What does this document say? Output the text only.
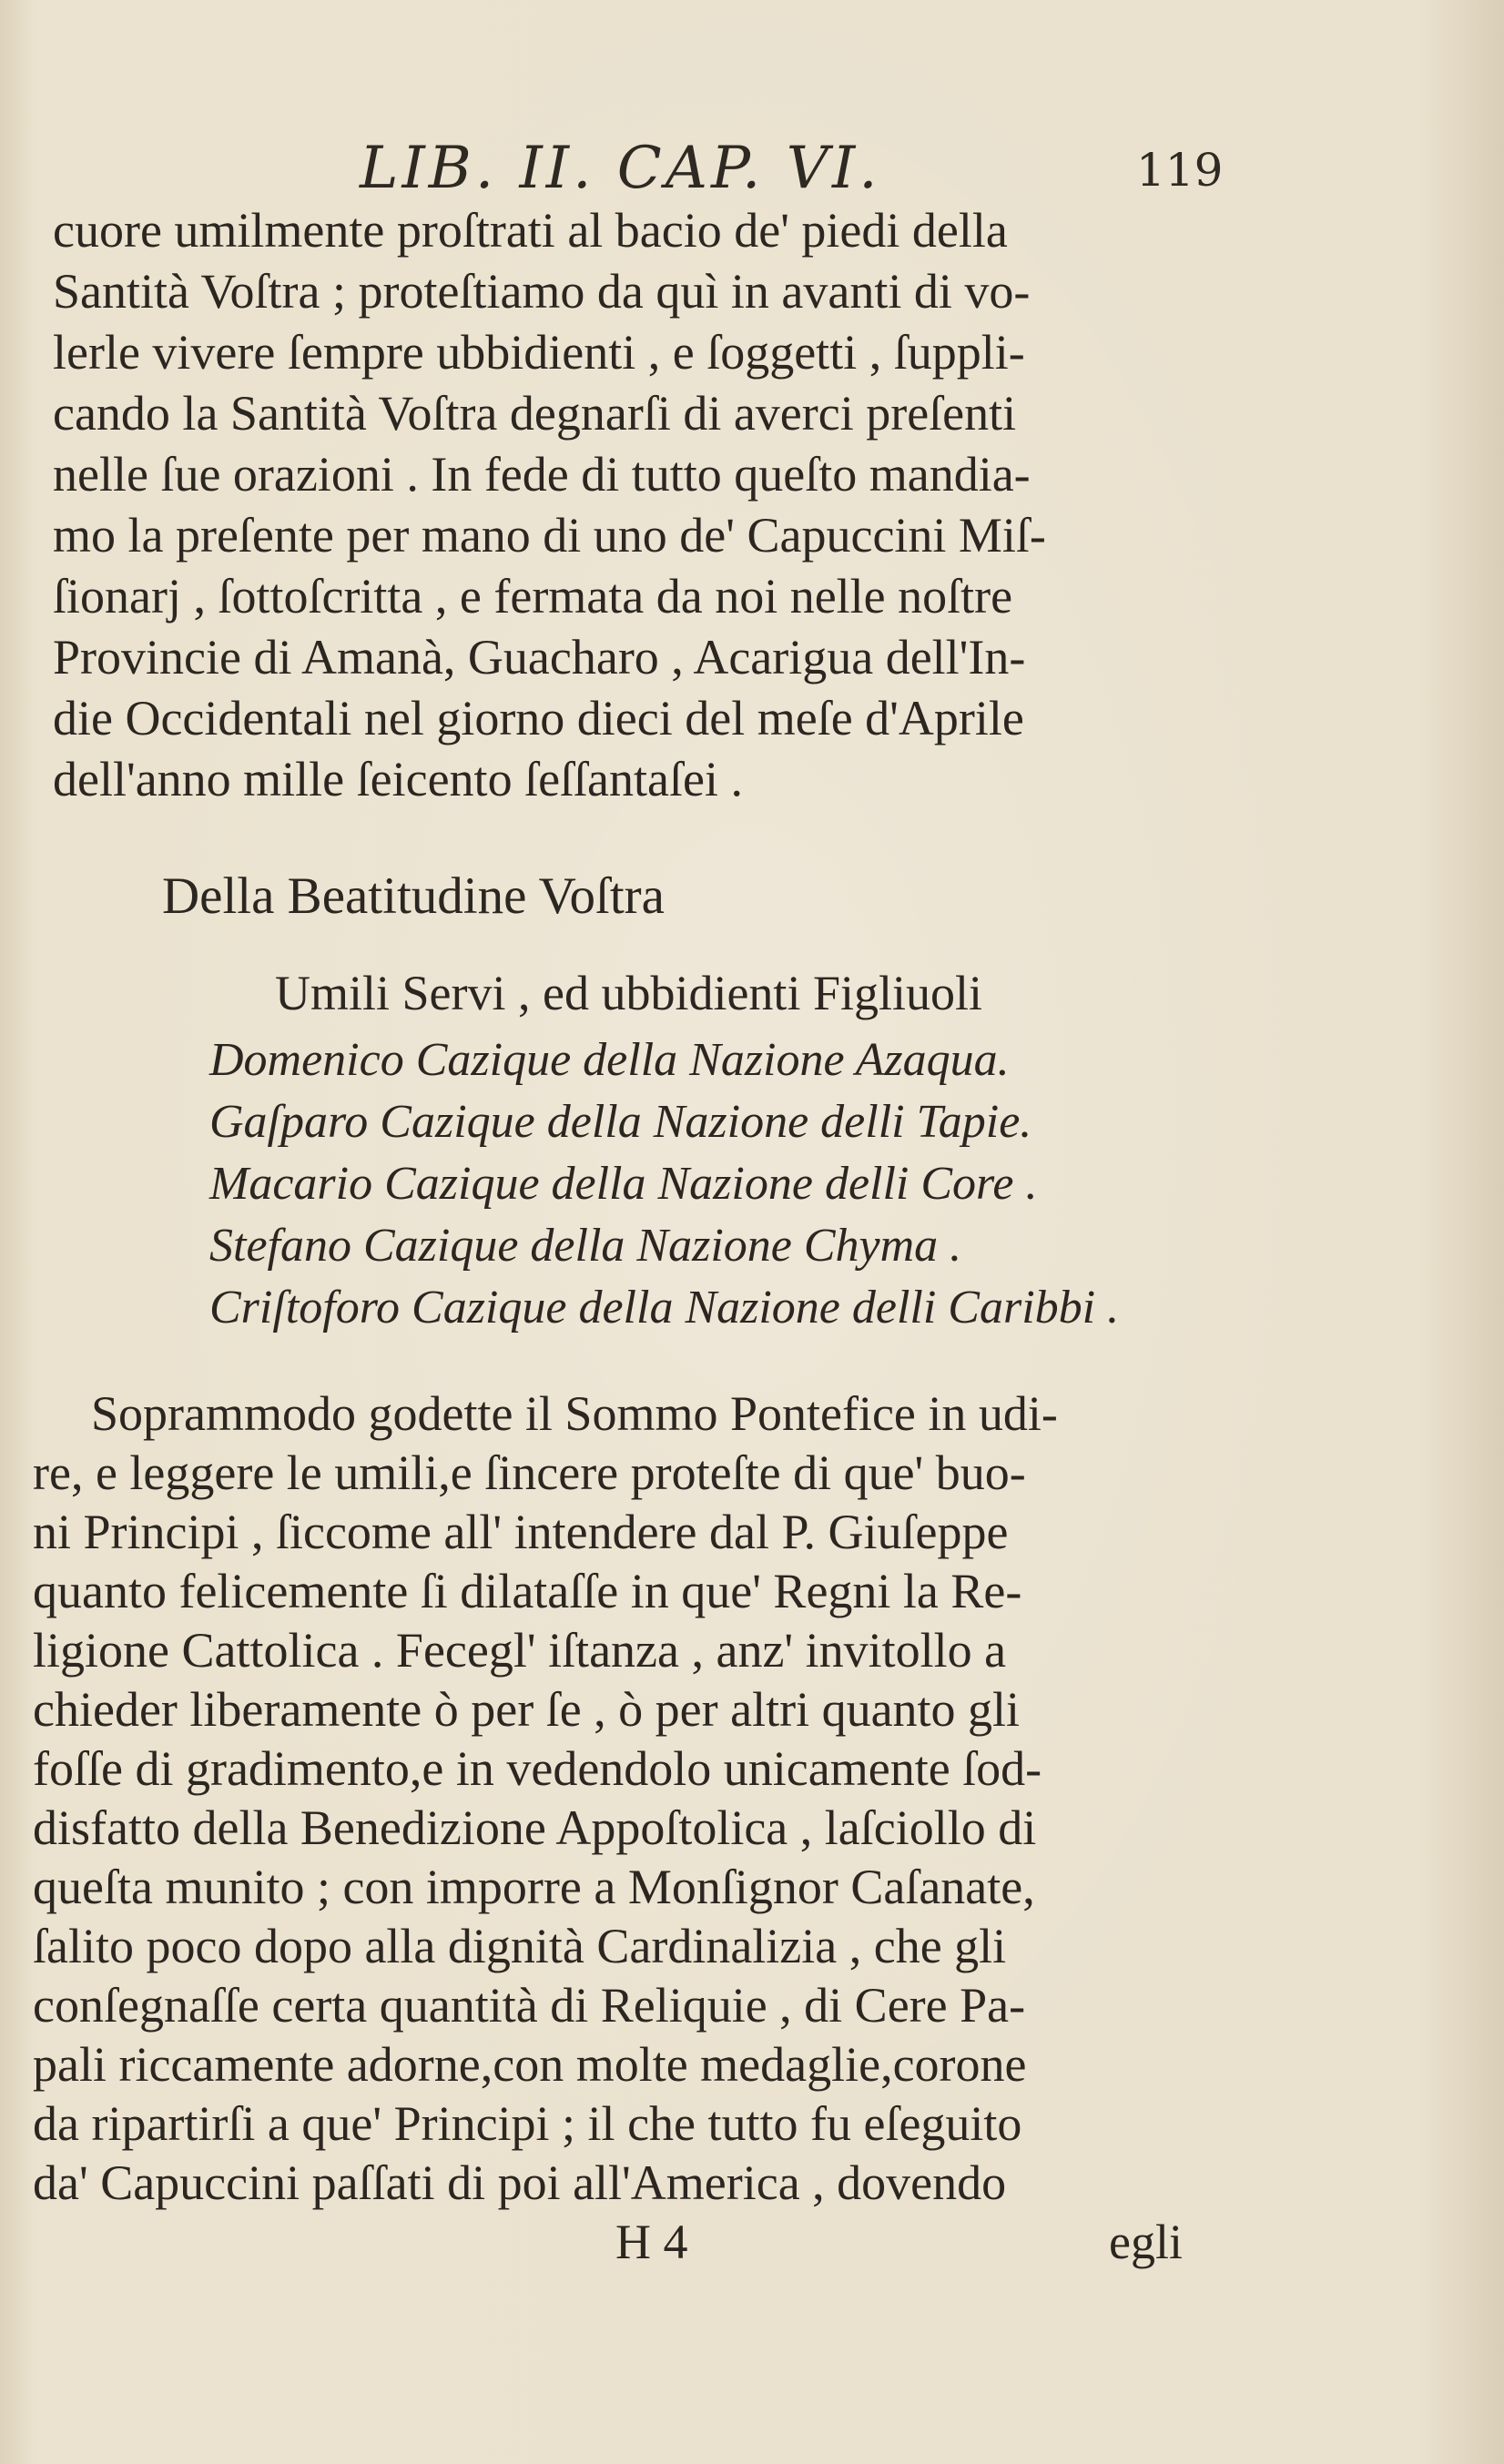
LIB. II. CAP. VI.	119
cuore umilmente proſtrati al bacio de' piedi della
Santità Voſtra ; proteſtiamo da quì in avanti di vo-
lerle vivere ſempre ubbidienti , e ſoggetti , ſuppli-
cando la Santità Voſtra degnarſi di averci preſenti
nelle ſue orazioni . In fede di tutto queſto mandia-
mo la preſente per mano di uno de' Capuccini Miſ-
ſionarj , ſottoſcritta , e fermata da noi nelle noſtre
Provincie di Amanà, Guacharo , Acarigua dell'In-
die Occidentali nel giorno dieci del meſe d'Aprile
dell'anno mille ſeicento ſeſſantaſei .
Della Beatitudine Voſtra
Umili Servi , ed ubbidienti Figliuoli
Domenico Cazique della Nazione Azaqua.
Gaſparo Cazique della Nazione delli Tapie.
Macario Cazique della Nazione delli Core .
Stefano Cazique della Nazione Chyma .
Criſtoforo Cazique della Nazione delli Caribbi .
Soprammodo godette il Sommo Pontefice in udi-
re, e leggere le umili,e ſincere proteſte di que' buo-
ni Principi , ſiccome all' intendere dal P. Giuſeppe
quanto felicemente ſi dilataſſe in que' Regni la Re-
ligione Cattolica . Fecegl' iſtanza , anz' invitollo a
chieder liberamente ò per ſe , ò per altri quanto gli
foſſe di gradimento,e in vedendolo unicamente ſod-
disfatto della Benedizione Appoſtolica , laſciollo di
queſta munito ; con imporre a Monſignor Caſanate,
ſalito poco dopo alla dignità Cardinalizia , che gli
conſegnaſſe certa quantità di Reliquie , di Cere Pa-
pali riccamente adorne,con molte medaglie,corone
da ripartirſi a que' Principi ; il che tutto fu eſeguito
da' Capuccini paſſati di poi all'America , dovendo
H 4	egli
